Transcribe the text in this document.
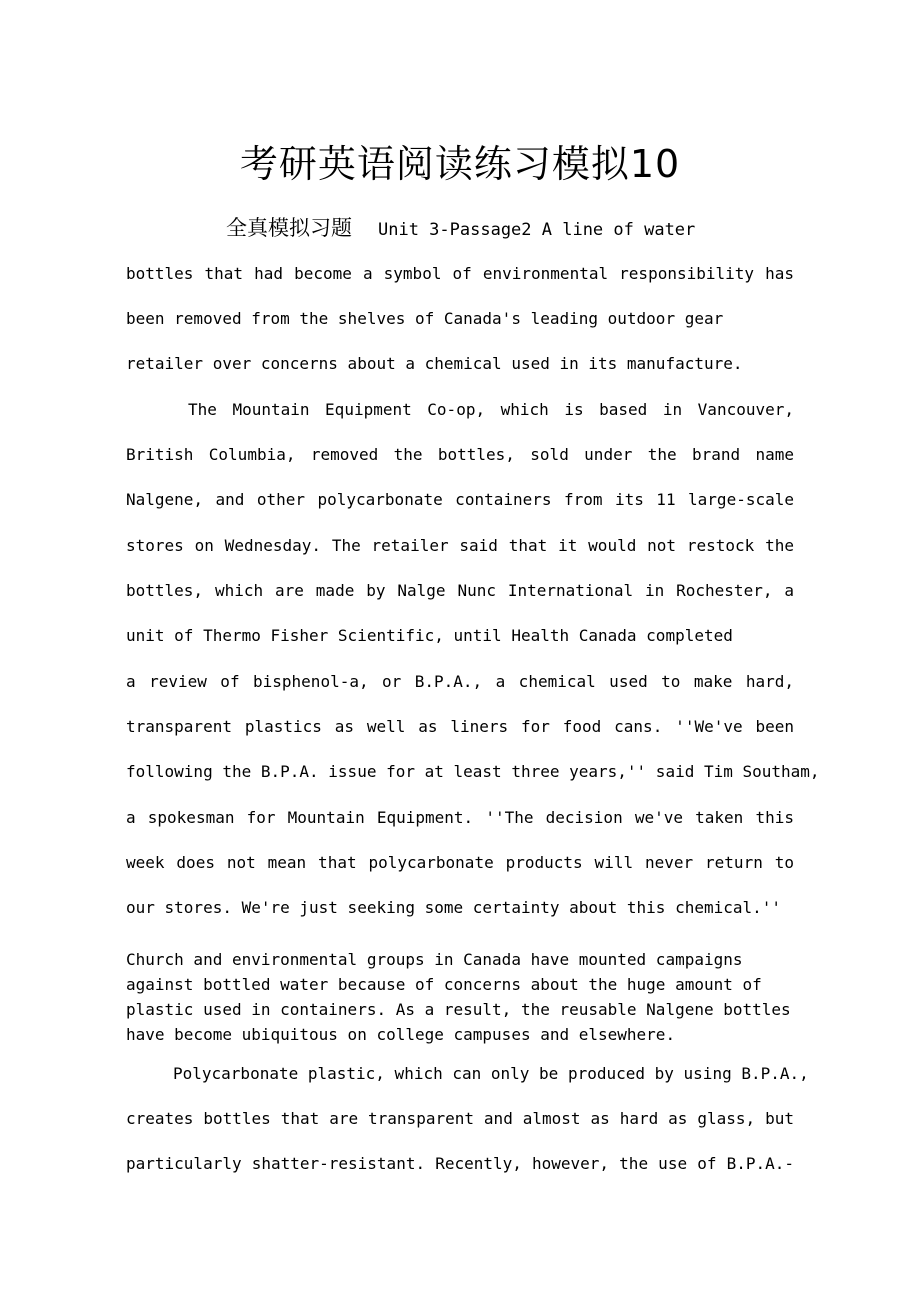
考研英语阅读练习模拟10
全真模拟习题 Unit 3-Passage2 A line of water
bottles that had become a symbol of environmental responsibility has
been removed from the shelves of Canada's leading outdoor gear
retailer over concerns about a chemical used in its manufacture.
The Mountain Equipment Co-op, which is based in Vancouver,
British Columbia, removed the bottles, sold under the brand name
Nalgene, and other polycarbonate containers from its 11 large-scale
stores on Wednesday. The retailer said that it would not restock the
bottles, which are made by Nalge Nunc International in Rochester, a
unit of Thermo Fisher Scientific, until Health Canada completed
a review of bisphenol-a, or B.P.A., a chemical used to make hard,
transparent plastics as well as liners for food cans. ''We've been
following the B.P.A. issue for at least three years,'' said Tim Southam,
a spokesman for Mountain Equipment. ''The decision we've taken this
week does not mean that polycarbonate products will never return to
our stores. We're just seeking some certainty about this chemical.''
Church and environmental groups in Canada have mounted campaigns
against bottled water because of concerns about the huge amount of
plastic used in containers. As a result, the reusable Nalgene bottles
have become ubiquitous on college campuses and elsewhere.
Polycarbonate plastic, which can only be produced by using B.P.A.,
creates bottles that are transparent and almost as hard as glass, but
particularly shatter-resistant. Recently, however, the use of B.P.A.-
